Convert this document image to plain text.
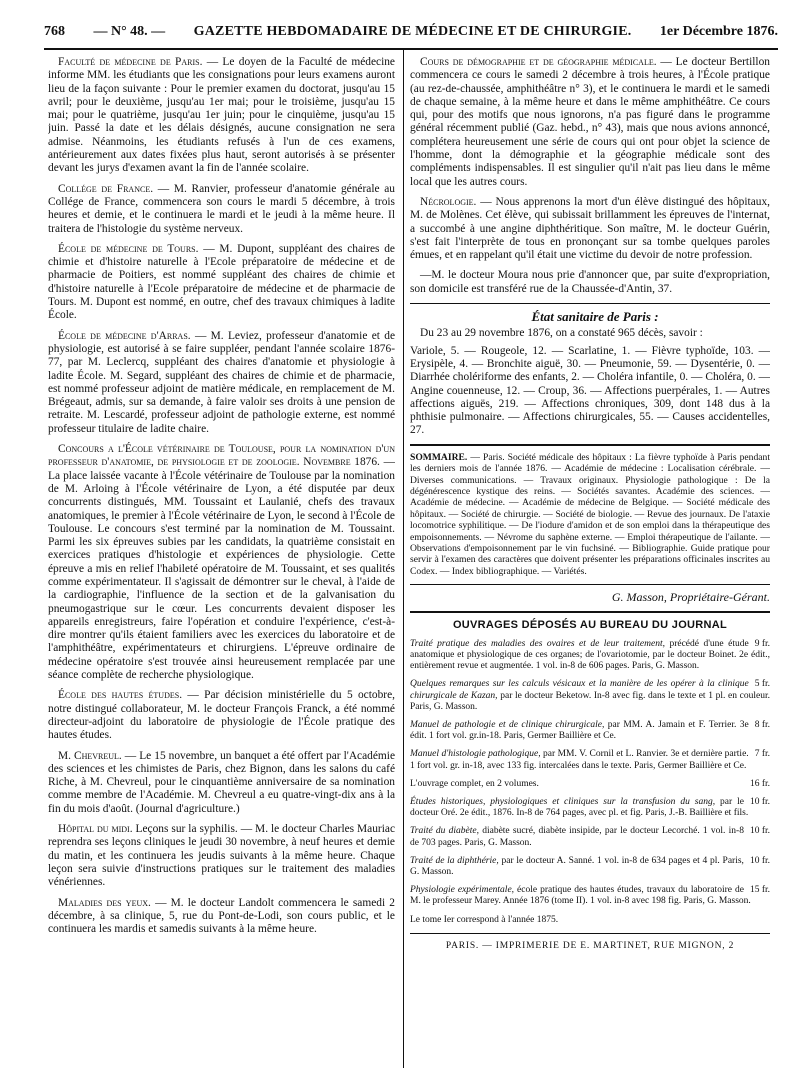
768 — N° 48. — GAZETTE HEBDOMADAIRE DE MÉDECINE ET DE CHIRURGIE. 1er Décembre 1876.

Faculté de médecine de Paris. — Le doyen de la Faculté de médecine informe MM. les étudiants que les consignations pour leurs examens auront lieu de la façon suivante : Pour le premier examen du doctorat, jusqu'au 15 avril; pour le deuxième, jusqu'au 1er mai; pour le troisième, jusqu'au 15 mai; pour le quatrième, jusqu'au 1er juin; pour le cinquième, jusqu'au 15 juin. Passé la date et les délais désignés, aucune consignation ne sera admise. Néanmoins, les étudiants refusés à l'un de ces examens, antérieurement aux dates fixées plus haut, seront autorisés à se présenter devant les jurys d'examen avant la fin de l'année scolaire.

Collége de France. — M. Ranvier, professeur d'anatomie générale au Collége de France, commencera son cours le mardi 5 décembre, à trois heures et demie, et le continuera le mardi et le jeudi à la même heure. Il traitera de l'histologie du système nerveux.

École de médecine de Tours. — M. Dupont, suppléant des chaires de chimie et d'histoire naturelle à l'Ecole préparatoire de médecine et de pharmacie de Poitiers, est nommé suppléant des chaires de chimie et d'histoire naturelle à l'Ecole préparatoire de médecine et de pharmacie de Tours. M. Dupont est nommé, en outre, chef des travaux chimiques à ladite École.

École de médecine d'Arras. — M. Leviez, professeur d'anatomie et de physiologie, est autorisé à se faire suppléer, pendant l'année scolaire 1876-77, par M. Leclercq, suppléant des chaires d'anatomie et physiologie à ladite École. M. Segard, suppléant des chaires de chimie et de pharmacie, est nommé professeur adjoint de matière médicale, en remplacement de M. Brégeaut, admis, sur sa demande, à faire valoir ses droits à une pension de retraite. M. Lescardé, professeur adjoint de pathologie externe, est nommé professeur titulaire de ladite chaire.

Concours a l'École vétérinaire de Toulouse, pour la nomination d'un professeur d'anatomie, de physiologie et de zoologie. Novembre 1876. — La place laissée vacante à l'École vétérinaire de Toulouse par la nomination de M. Arloing à l'École vétérinaire de Lyon, a été disputée par deux concurrents distingués, MM. Toussaint et Laulanié, chefs des travaux anatomiques, le premier à l'École vétérinaire de Lyon, le second à l'École de Toulouse. Le concours s'est terminé par la nomination de M. Toussaint. Parmi les six épreuves subies par les candidats, la quatrième consistait en exercices pratiques d'histologie et expériences de physiologie. Cette épreuve a mis en relief l'habileté opératoire de M. Toussaint, et ses qualités comme expérimentateur. Il s'agissait de démontrer sur le cheval, à l'aide de la cardiographie, l'influence de la section et de la galvanisation du pneumogastrique sur le cœur. Les concurrents devaient disposer les appareils enregistreurs, faire l'opération et conduire l'expérience, c'est-à-dire montrer qu'ils étaient familiers avec les exercices du laboratoire et de l'amphithéâtre, expérimentateurs et chirurgiens. L'épreuve ordinaire de médecine opératoire s'est trouvée ainsi heureusement remplacée par une séance complète de recherche physiologique.

École des hautes études. — Par décision ministérielle du 5 octobre, notre distingué collaborateur, M. le docteur François Franck, a été nommé directeur-adjoint du laboratoire de physiologie de l'École pratique des hautes études.

M. Chevreul. — Le 15 novembre, un banquet a été offert par l'Académie des sciences et les chimistes de Paris, chez Bignon, dans les salons du café Riche, à M. Chevreul, pour le cinquantième anniversaire de sa nomination comme membre de l'Académie. M. Chevreul a eu quatre-vingt-dix ans à la fin du mois d'août. (Journal d'agriculture.)

Hôpital du midi. Leçons sur la syphilis. — M. le docteur Charles Mauriac reprendra ses leçons cliniques le jeudi 30 novembre, à neuf heures et demie du matin, et les continuera les jeudis suivants à la même heure. Chaque leçon sera suivie d'instructions pratiques sur le traitement des maladies vénériennes.

Maladies des yeux. — M. le docteur Landolt commencera le samedi 2 décembre, à sa clinique, 5, rue du Pont-de-Lodi, son cours public, et le continuera les mardis et samedis suivants à la même heure.

Cours de démographie et de géographie médicale. — Le docteur Bertillon commencera ce cours le samedi 2 décembre à trois heures, à l'École pratique (au rez-de-chaussée, amphithéâtre n° 3), et le continuera le mardi et le samedi de chaque semaine, à la même heure et dans le même amphithéâtre. Ce cours qui, pour des motifs que nous ignorons, n'a pas figuré dans le programme général récemment publié (Gaz. hebd., n° 43), mais que nous avions annoncé, complétera heureusement une série de cours qui ont pour objet la science de l'homme, dont la démographie et la géographie médicale sont des compléments indispensables. Il est singulier qu'il n'ait pas lieu dans le même local que les autres cours.

Nécrologie. — Nous apprenons la mort d'un élève distingué des hôpitaux, M. de Molènes. Cet élève, qui subissait brillamment les épreuves de l'internat, a succombé à une angine diphthéritique. Son maître, M. le docteur Guérin, s'est fait l'interprète de tous en prononçant sur sa tombe quelques paroles émues, et en rappelant qu'il était une victime du devoir de notre profession.

—M. le docteur Moura nous prie d'annoncer que, par suite d'expropriation, son domicile est transféré rue de la Chaussée-d'Antin, 37.

État sanitaire de Paris :

Du 23 au 29 novembre 1876, on a constaté 965 décès, savoir :

Variole, 5. — Rougeole, 12. — Scarlatine, 1. — Fièvre typhoïde, 103. — Erysipèle, 4. — Bronchite aiguë, 30. — Pneumonie, 59. — Dysentérie, 0. — Diarrhée cholériforme des enfants, 2. — Choléra infantile, 0. — Choléra, 0. — Angine couenneuse, 12. — Croup, 36. — Affections puerpérales, 1. — Autres affections aiguës, 219. — Affections chroniques, 309, dont 148 dus à la phthisie pulmonaire. — Affections chirurgicales, 55. — Causes accidentelles, 27.

SOMMAIRE. — Paris. Société médicale des hôpitaux : La fièvre typhoïde à Paris pendant les derniers mois de l'année 1876. — Académie de médecine : Localisation cérébrale. — Diverses communications. — Travaux originaux. Physiologie pathologique : De la dégénérescence kystique des reins. — Sociétés savantes. Académie des sciences. — Académie de médecine. — Académie de médecine de Belgique. — Société médicale des hôpitaux. — Société de chirurgie. — Société de biologie. — Revue des journaux. De l'ataxie locomotrice syphilitique. — De l'iodure d'amidon et de son emploi dans la thérapeutique des empoisonnements. — Névrome du saphène externe. — Emploi thérapeutique de l'ailante. — Observations d'empoisonnement par le vin fuchsiné. — Bibliographie. Guide pratique pour servir à l'examen des caractères que doivent présenter les préparations officinales inscrites au Codex. — Index bibliographique. — Variétés.

G. Masson, Propriétaire-Gérant.

OUVRAGES DÉPOSÉS AU BUREAU DU JOURNAL

9 fr.
Traité pratique des maladies des ovaires et de leur traitement, précédé d'une étude anatomique et physiologique de ces organes; de l'ovariotomie, par le docteur Boinet. 2e édit., entièrement revue et augmentée. 1 vol. in-8 de 606 pages. Paris, G. Masson.

5 fr.
Quelques remarques sur les calculs vésicaux et la manière de les opérer à la clinique chirurgicale de Kazan, par le docteur Beketow. In-8 avec fig. dans le texte et 1 pl. en couleur. Paris, G. Masson.

8 fr.
Manuel de pathologie et de clinique chirurgicale, par MM. A. Jamain et F. Terrier. 3e édit. 1 fort vol. gr.in-18. Paris, Germer Baillière et Ce.

7 fr.
Manuel d'histologie pathologique, par MM. V. Cornil et L. Ranvier. 3e et dernière partie. 1 fort vol. gr. in-18, avec 133 fig. intercalées dans le texte. Paris, Germer Baillière et Ce.

16 fr.
L'ouvrage complet, en 2 volumes.

10 fr.
Études historiques, physiologiques et cliniques sur la transfusion du sang, par le docteur Oré. 2e édit., 1876. In-8 de 764 pages, avec pl. et fig. Paris, J.-B. Baillière et fils.

10 fr.
Traité du diabète, diabète sucré, diabète insipide, par le docteur Lecorché. 1 vol. in-8 de 703 pages. Paris, G. Masson.

10 fr.
Traité de la diphthérie, par le docteur A. Sanné. 1 vol. in-8 de 634 pages et 4 pl. Paris, G. Masson.

15 fr.
Physiologie expérimentale, école pratique des hautes études, travaux du laboratoire de M. le professeur Marey. Année 1876 (tome II). 1 vol. in-8 avec 198 fig. Paris, G. Masson.

Le tome Ier correspond à l'année 1875.

PARIS. — IMPRIMERIE DE E. MARTINET, RUE MIGNON, 2
